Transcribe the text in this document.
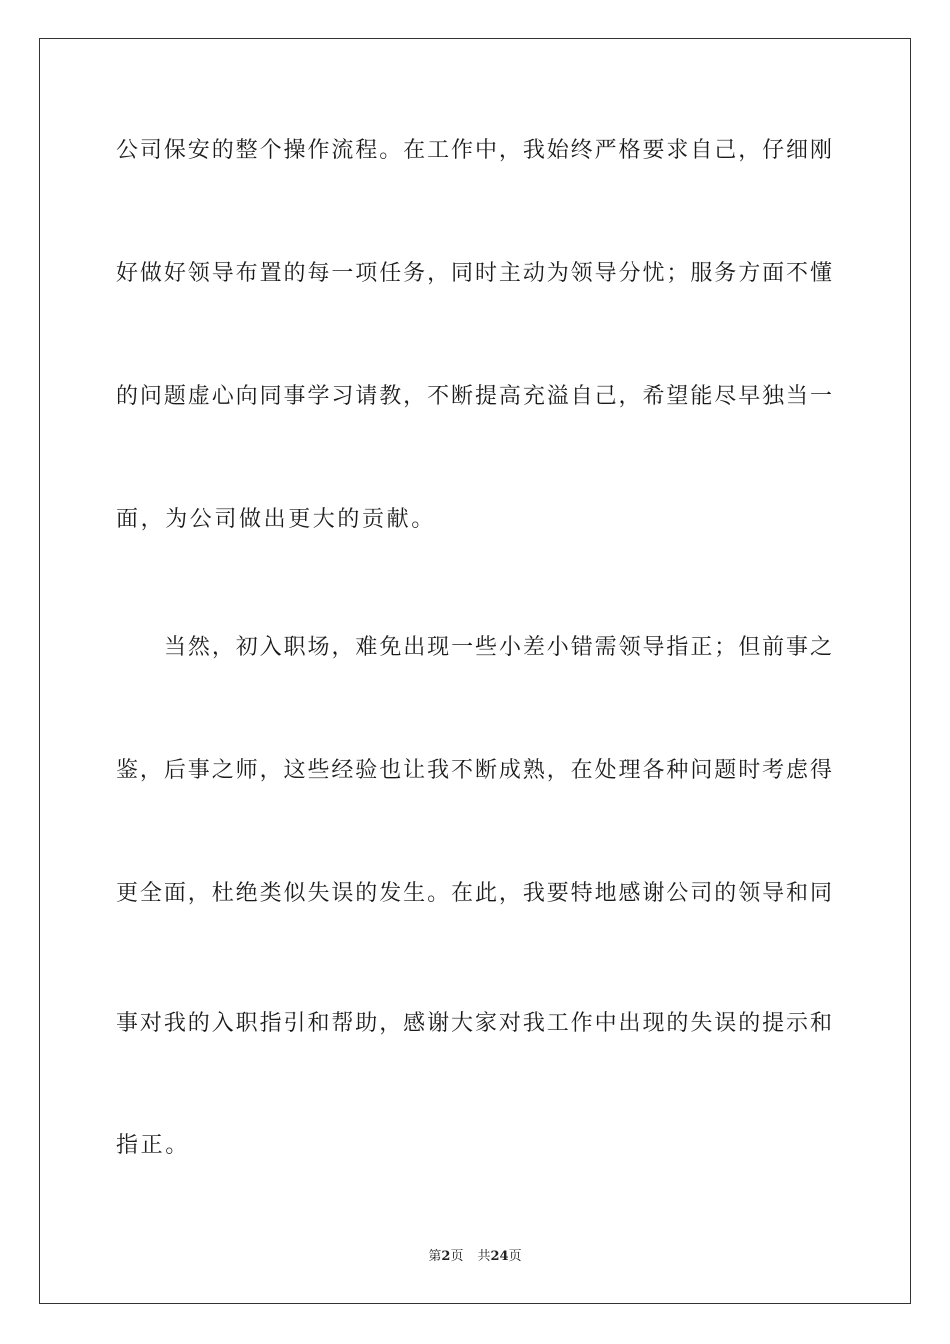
公司保安的整个操作流程。在工作中，我始终严格要求自己，仔细刚
好做好领导布置的每一项任务，同时主动为领导分忧；服务方面不懂
的问题虚心向同事学习请教，不断提高充溢自己，希望能尽早独当一
面，为公司做出更大的贡献。
当然，初入职场，难免出现一些小差小错需领导指正；但前事之
鉴，后事之师，这些经验也让我不断成熟，在处理各种问题时考虑得
更全面，杜绝类似失误的发生。在此，我要特地感谢公司的领导和同
事对我的入职指引和帮助，感谢大家对我工作中出现的失误的提示和
指正。
第2页 共24页
